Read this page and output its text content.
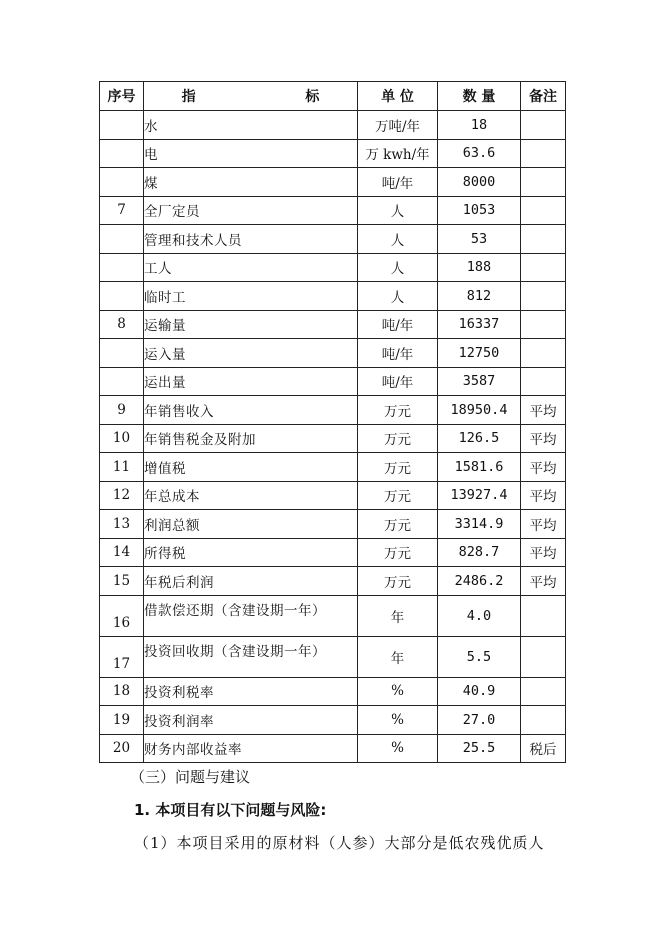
序号	指 标	单 位	数 量	备注
	水	万吨/年	18	
	电	万 kwh/年	63.6	
	煤	吨/年	8000	
7	全厂定员	人	1053	
	管理和技术人员	人	53	
	工人	人	188	
	临时工	人	812	
8	运输量	吨/年	16337	
	运入量	吨/年	12750	
	运出量	吨/年	3587	
9	年销售收入	万元	18950.4	平均
10	年销售税金及附加	万元	126.5	平均
11	增值税	万元	1581.6	平均
12	年总成本	万元	13927.4	平均
13	利润总额	万元	3314.9	平均
14	所得税	万元	828.7	平均
15	年税后利润	万元	2486.2	平均
16	借款偿还期（含建设期一年）	年	4.0	
17	投资回收期（含建设期一年）	年	5.5	
18	投资利税率	%	40.9	
19	投资利润率	%	27.0	
20	财务内部收益率	%	25.5	税后

（三）问题与建议

1. 本项目有以下问题与风险:

（1）本项目采用的原材料（人参）大部分是低农残优质人
